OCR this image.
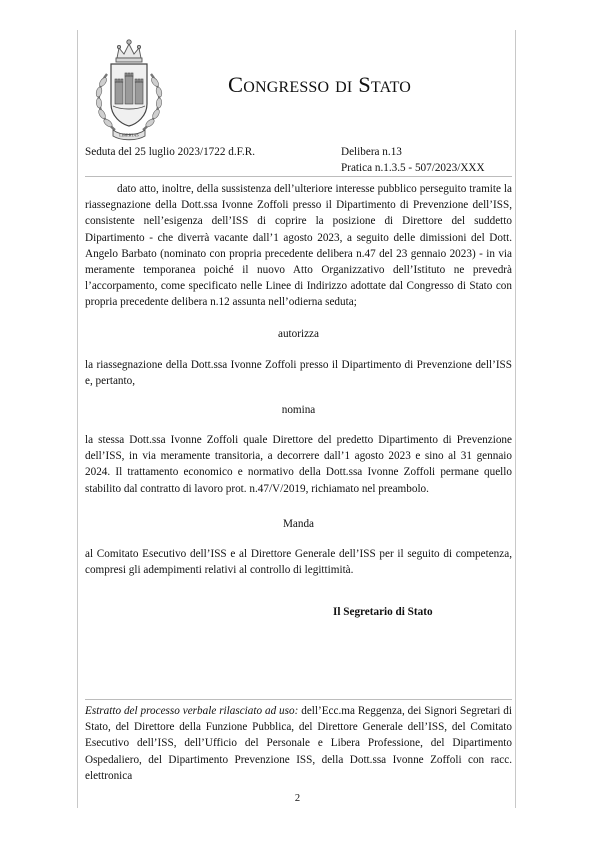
LIBERTAS
Congresso di Stato
Seduta del 25 luglio 2023/1722 d.F.R.	Delibera n.13
Pratica n.1.3.5 - 507/2023/XXX

dato atto, inoltre, della sussistenza dell’ulteriore interesse pubblico perseguito tramite la riassegnazione della Dott.ssa Ivonne Zoffoli presso il Dipartimento di Prevenzione dell’ISS, consistente nell’esigenza dell’ISS di coprire la posizione di Direttore del suddetto Dipartimento - che diverrà vacante dall’1 agosto 2023, a seguito delle dimissioni del Dott. Angelo Barbato (nominato con propria precedente delibera n.47 del 23 gennaio 2023) - in via meramente temporanea poiché il nuovo Atto Organizzativo dell’Istituto ne prevedrà l’accorpamento, come specificato nelle Linee di Indirizzo adottate dal Congresso di Stato con propria precedente delibera n.12 assunta nell’odierna seduta;

autorizza

la riassegnazione della Dott.ssa Ivonne Zoffoli presso il Dipartimento di Prevenzione dell’ISS e, pertanto,

nomina

la stessa Dott.ssa Ivonne Zoffoli quale Direttore del predetto Dipartimento di Prevenzione dell’ISS, in via meramente transitoria, a decorrere dall’1 agosto 2023 e sino al 31 gennaio 2024. Il trattamento economico e normativo della Dott.ssa Ivonne Zoffoli permane quello stabilito dal contratto di lavoro prot. n.47/V/2019, richiamato nel preambolo.

Manda

al Comitato Esecutivo dell’ISS e al Direttore Generale dell’ISS per il seguito di competenza, compresi gli adempimenti relativi al controllo di legittimità.

Il Segretario di Stato

Estratto del processo verbale rilasciato ad uso: dell’Ecc.ma Reggenza, dei Signori Segretari di Stato, del Direttore della Funzione Pubblica, del Direttore Generale dell’ISS, del Comitato Esecutivo dell’ISS, dell’Ufficio del Personale e Libera Professione, del Dipartimento Ospedaliero, del Dipartimento Prevenzione ISS, della Dott.ssa Ivonne Zoffoli con racc. elettronica

2
